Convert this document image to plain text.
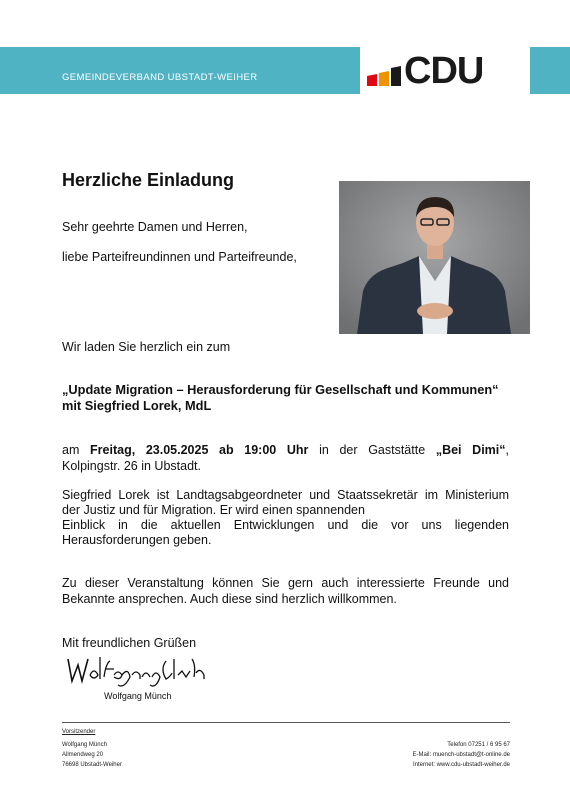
GEMEINDEVERBAND UBSTADT-WEIHER	CDU
Herzliche Einladung
Sehr geehrte Damen und Herren,
liebe Parteifreundinnen und Parteifreunde,
Wir laden Sie herzlich ein zum
„Update Migration – Herausforderung für Gesellschaft und Kommunen“ mit Siegfried Lorek, MdL
am Freitag, 23.05.2025 ab 19:00 Uhr in der Gaststätte „Bei Dimi“,
Kolpingstr. 26 in Ubstadt.
Siegfried Lorek ist Landtagsabgeordneter und Staatssekretär im Ministerium
der Justiz und für Migration. Er wird einen spannenden
Einblick in die aktuellen Entwicklungen und die vor uns liegenden
Herausforderungen geben.
Zu dieser Veranstaltung können Sie gern auch interessierte Freunde und
Bekannte ansprechen. Auch diese sind herzlich willkommen.
Mit freundlichen Grüßen
Wolfgang Münch
Vorsitzender
Wolfgang Münch
Allmendweg 20
76698 Ubstadt-Weiher
Telefon 07251 / 6 95 67
E-Mail: muench-ubstadt@t-online.de
Internet: www.cdu-ubstadt-weiher.de
